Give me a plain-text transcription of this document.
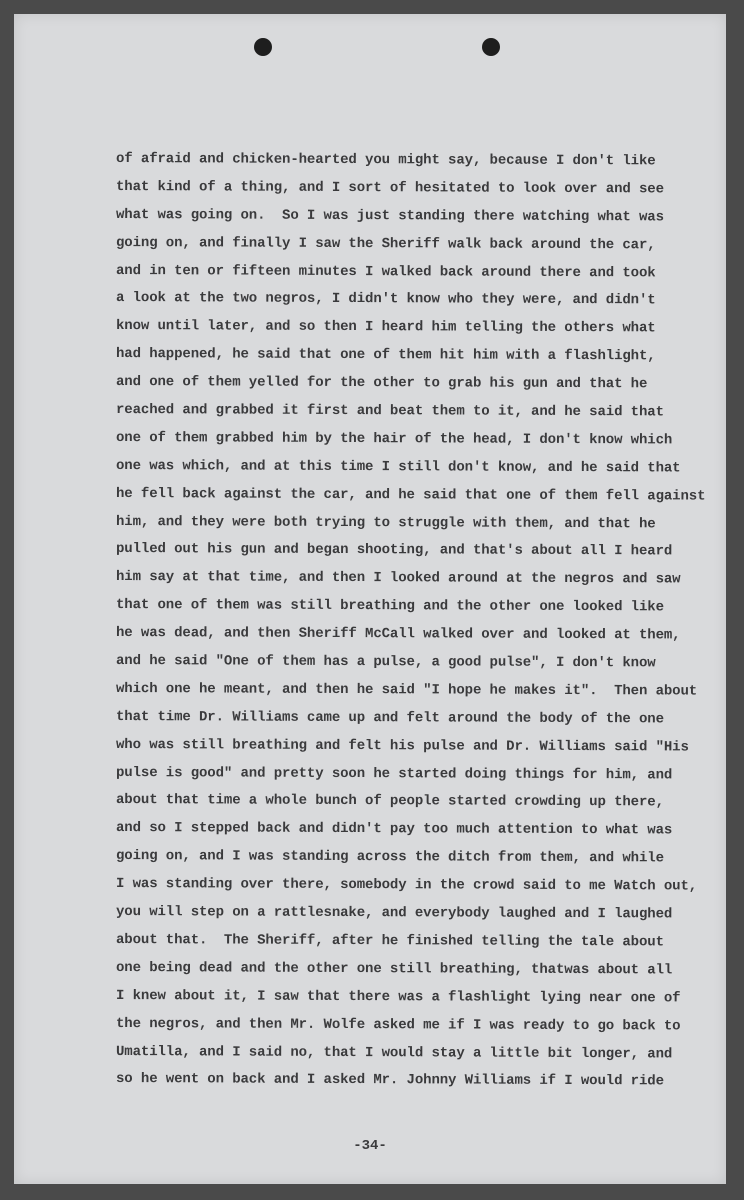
of afraid and chicken-hearted you might say, because I don't like
that kind of a thing, and I sort of hesitated to look over and see
what was going on.  So I was just standing there watching what was
going on, and finally I saw the Sheriff walk back around the car,
and in ten or fifteen minutes I walked back around there and took
a look at the two negros, I didn't know who they were, and didn't
know until later, and so then I heard him telling the others what
had happened, he said that one of them hit him with a flashlight,
and one of them yelled for the other to grab his gun and that he
reached and grabbed it first and beat them to it, and he said that
one of them grabbed him by the hair of the head, I don't know which
one was which, and at this time I still don't know, and he said that
he fell back against the car, and he said that one of them fell against
him, and they were both trying to struggle with them, and that he
pulled out his gun and began shooting, and that's about all I heard
him say at that time, and then I looked around at the negros and saw
that one of them was still breathing and the other one looked like
he was dead, and then Sheriff McCall walked over and looked at them,
and he said "One of them has a pulse, a good pulse", I don't know
which one he meant, and then he said "I hope he makes it".  Then about
that time Dr. Williams came up and felt around the body of the one
who was still breathing and felt his pulse and Dr. Williams said "His
pulse is good" and pretty soon he started doing things for him, and
about that time a whole bunch of people started crowding up there,
and so I stepped back and didn't pay too much attention to what was
going on, and I was standing across the ditch from them, and while
I was standing over there, somebody in the crowd said to me Watch out,
you will step on a rattlesnake, and everybody laughed and I laughed
about that.  The Sheriff, after he finished telling the tale about
one being dead and the other one still breathing, thatwas about all
I knew about it, I saw that there was a flashlight lying near one of
the negros, and then Mr. Wolfe asked me if I was ready to go back to
Umatilla, and I said no, that I would stay a little bit longer, and
so he went on back and I asked Mr. Johnny Williams if I would ride
-34-
